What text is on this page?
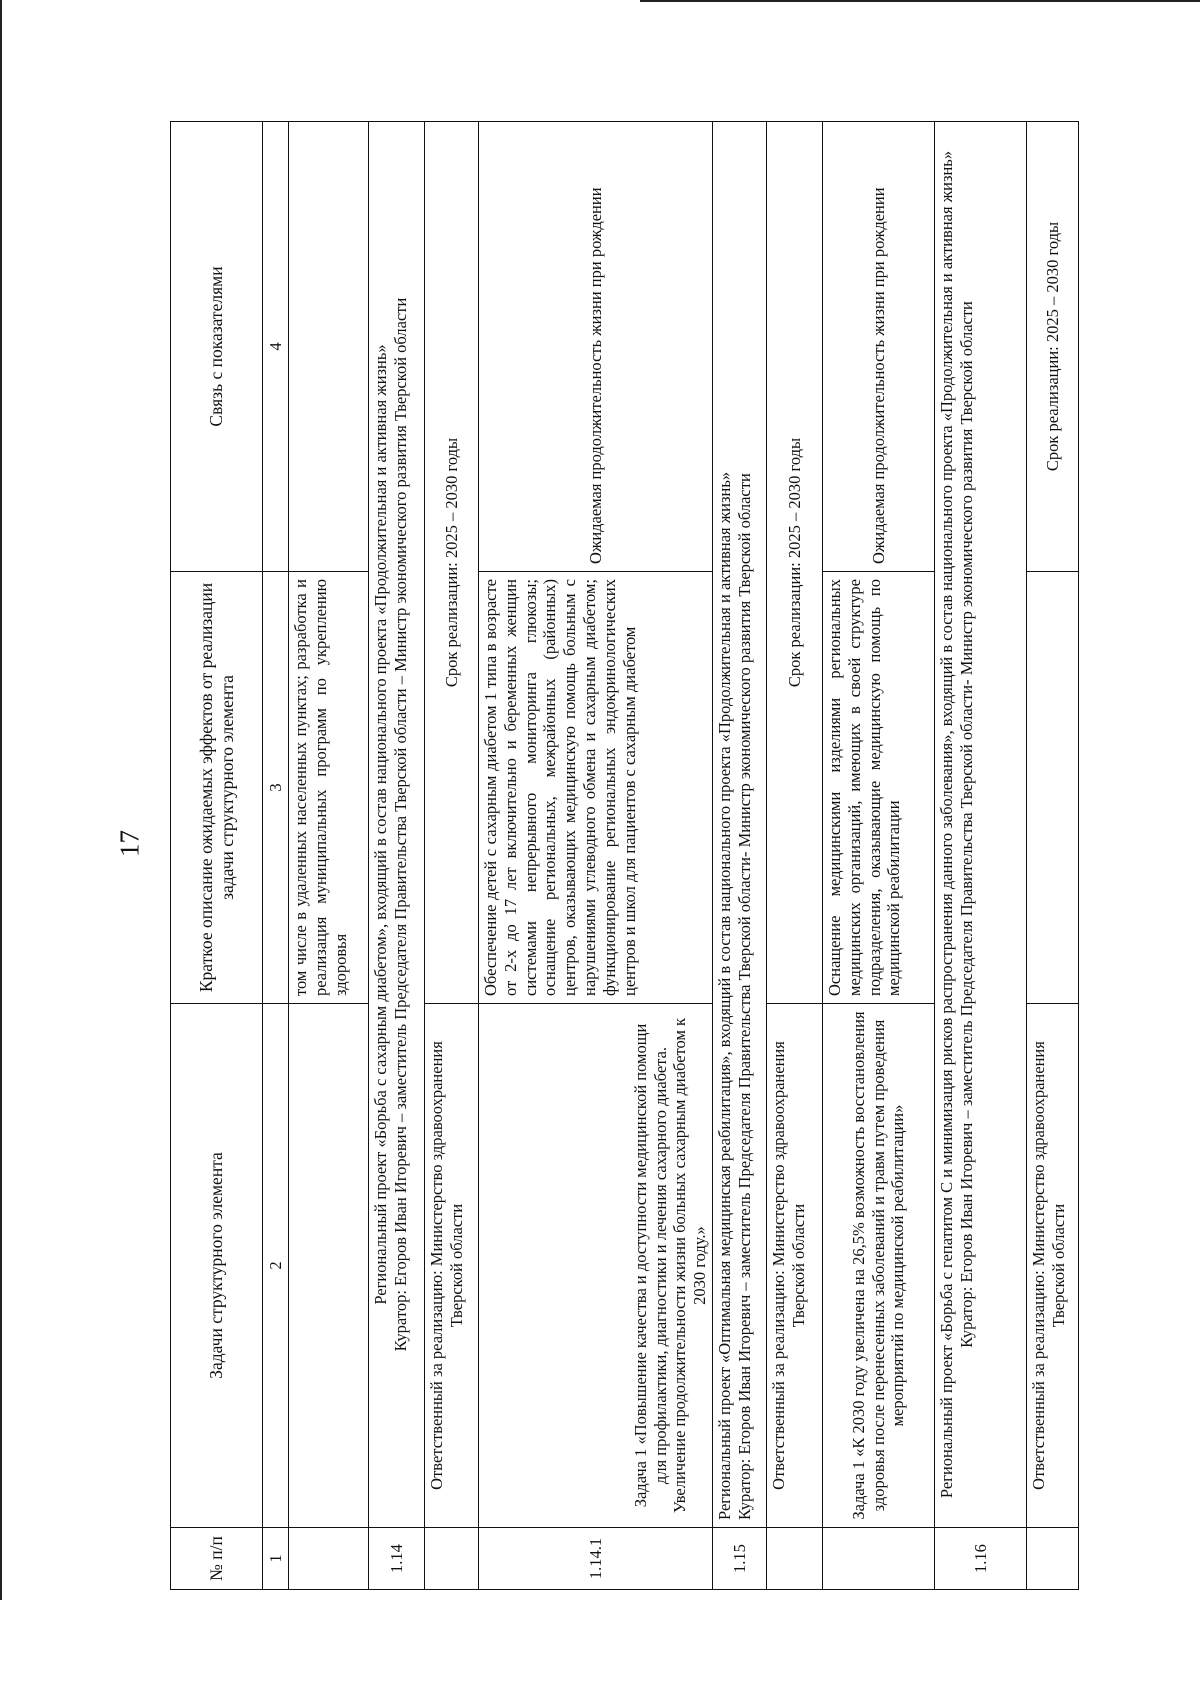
17
№ п/п	Задачи структурного элемента	Краткое описание ожидаемых эффектов от реализации задачи структурного элемента	Связь с показателями
1	2	3	4
		том числе в удаленных населенных пунктах; разработка и реализация муниципальных программ по укреплению здоровья	
1.14	Региональный проект «Борьба с сахарным диабетом», входящий в состав национального проекта «Продолжительная и активная жизнь» Куратор: Егоров Иван Игоревич – заместитель Председателя Правительства Тверской области – Министр экономического развития Тверской области		

	Ответственный за реализацию: Министерство здравоохранения Тверской области	Срок реализации: 2025 – 2030 годы	
1.14.1	Задача 1 «Повышение качества и доступности медицинской помощи для профилактики, диагностики и лечения сахарного диабета. Увеличение продолжительности жизни больных сахарным диабетом к 2030 году.»	Обеспечение детей с сахарным диабетом 1 типа в возрасте от 2-х до 17 лет включительно и беременных женщин системами непрерывного мониторинга глюкозы; оснащение региональных, межрайонных (районных) центров, оказывающих медицинскую помощь больным с нарушениями углеводного обмена и сахарным диабетом; функционирование региональных эндокринологических центров и школ для пациентов с сахарным диабетом	Ожидаемая продолжительность жизни при рождении
1.15	Региональный проект «Оптимальная медицинская реабилитация», входящий в состав национального проекта «Продолжительная и активная жизнь» Куратор: Егоров Иван Игоревич – заместитель Председателя Правительства Тверской области- Министр экономического развития Тверской области		

	Ответственный за реализацию: Министерство здравоохранения Тверской области	Срок реализации: 2025 – 2030 годы	
	Задача 1 «К 2030 году увеличена на 26,5% возможность восстановления здоровья после перенесенных заболеваний и травм путем проведения мероприятий по медицинской реабилитации»	Оснащение медицинскими изделиями региональных медицинских организаций, имеющих в своей структуре подразделения, оказывающие медицинскую помощь по медицинской реабилитации	Ожидаемая продолжительность жизни при рождении
1.16	Региональный проект «Борьба с гепатитом С и минимизация рисков распространения данного заболевания», входящий в состав национального проекта «Продолжительная и активная жизнь» Куратор: Егоров Иван Игоревич – заместитель Председателя Правительства Тверской области- Министр экономического развития Тверской области		

	Ответственный за реализацию: Министерство здравоохранения Тверской области		Срок реализации: 2025 – 2030 годы
